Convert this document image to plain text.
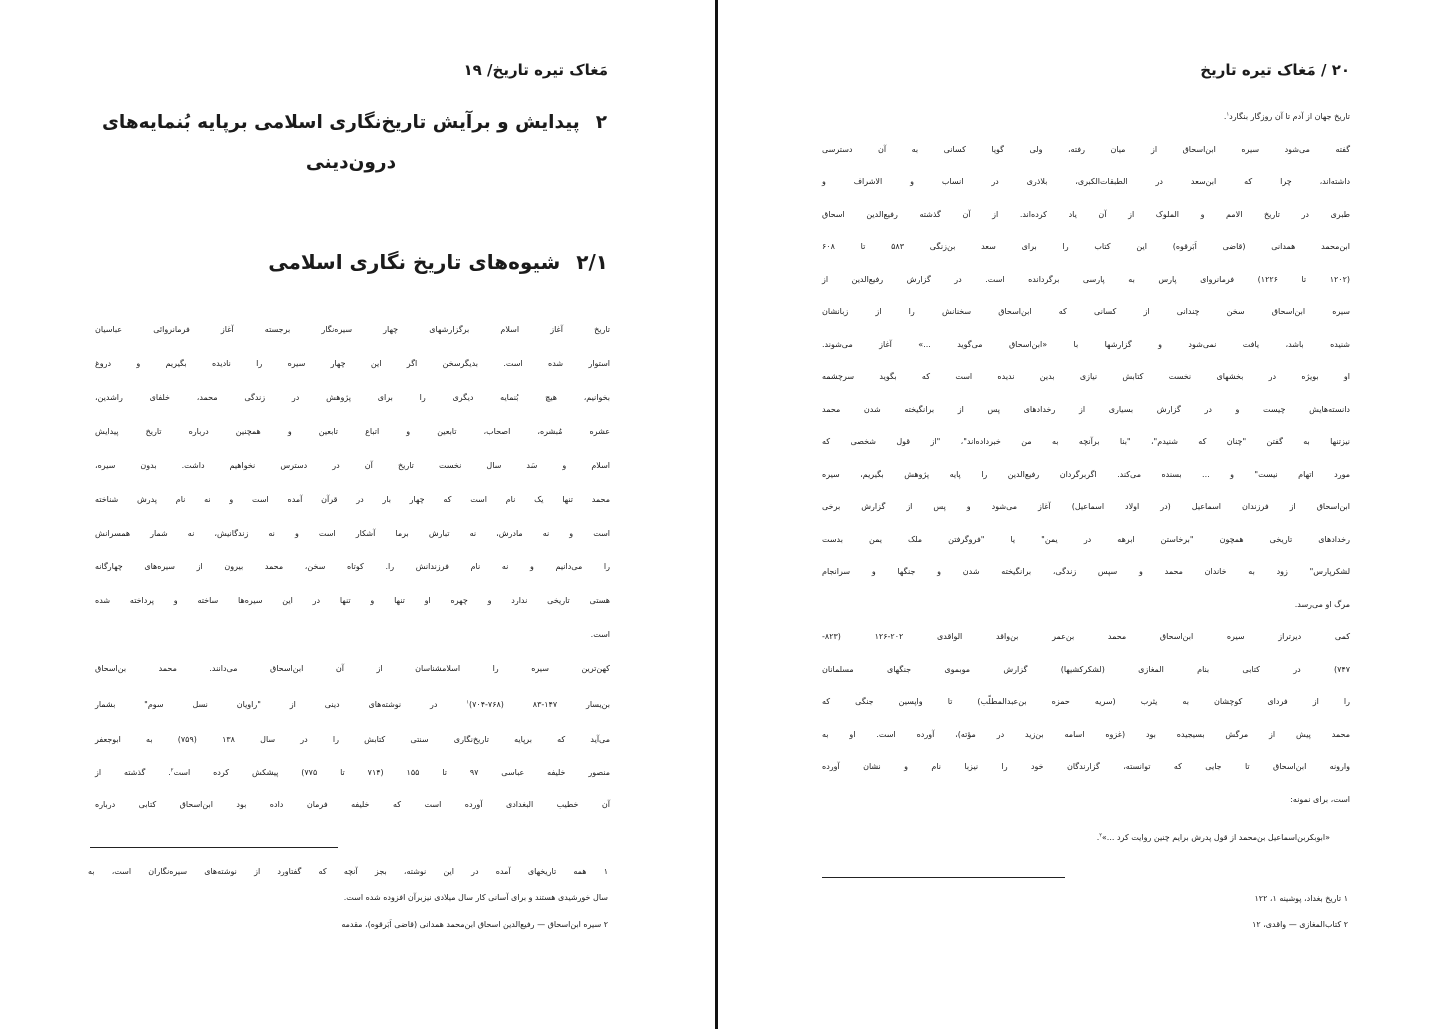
مَغاک تیره تاریخ/ ۱۹
۲پیدایش و برآیش تاریخ‌نگاری اسلامی برپایه بُنمایه‌های
درون‌دینی
۲/۱شیوه‌های تاریخ نگاری اسلامی
تاریخ آغاز اسلام برگزارشهای چهار سیره‌نگار برجسته آغاز فرمانروائی عباسیان
استوار شده است. بدیگرسخن اگر این چهار سیره را نادیده بگیریم و دروغ
بخوانیم، هیچ بُنمایه دیگری را برای پژوهش در زندگی محمد، خلفای راشدین،
عشره مُبشره، اصحاب، تابعین و اتباع تابعین و همچنین درباره تاریخ پیدایش
اسلام و سَد سال نخست تاریخ آن در دسترس نخواهیم داشت. بدون سیره،
محمد تنها یک نام است که چهار بار در قرآن آمده است و نه نام پدرش شناخته
است و نه مادرش، نه تبارش برما آشکار است و نه زندگانیش، نه شمار همسرانش
را می‌دانیم و نه نام فرزندانش را. کوتاه سخن، محمد بیرون از سیره‌های چهارگانه
هستی تاریخی ندارد و چهره او تنها و تنها در این سیره‌ها ساخته و پرداخته شده
است.
کهن‌ترین سیره را اسلامشناسان از آن ابن‌اسحاق می‌دانند. محمد بن‌اسحاق
بن‌یسار ۱۴۷-۸۳ (۷۶۸-۷۰۴)$^۱$ در نوشته‌های دینی از "راویان نسل سوم" بشمار
می‌آید که برپایه تاریخ‌نگاری سنتی کتابش را در سال ۱۳۸ (۷۵۹) به ابوجعفر
منصور خلیفه عباسی ۹۷ تا ۱۵۵ (۷۱۴ تا ۷۷۵) پیشکش کرده است$^۲$. گذشته از
آن خطیب البغدادی آورده است که خلیفه فرمان داده بود ابن‌اسحاق کتابی درباره
۱ همه تاریخهای آمده در این نوشته، بجز آنچه که گفتاورد از نوشته‌های سیره‌نگاران است، به
سال خورشیدی هستند و برای آسانی کار سال میلادی نیزبرآن افزوده شده است.
۲ سیره ابن‌اسحاق — رفیع‌الدین اسحاق ابن‌محمد همدانی (قاضی اَبَرقوه)، مقدمه
۲۰ / مَغاک تیره تاریخ
تاریخ جهان از آدم تا آن روزگار بنگارد$^۱$.
گفته می‌شود سیره ابن‌اسحاق از میان رفته، ولی گویا کسانی به آن دسترسی
داشته‌اند، چرا که ابن‌سعد در الطبقات‌الکبری، بلاذری در انساب و الاشراف و
طبری در تاریخ الامم و الملوک از آن یاد کرده‌اند. از آن گذشته رفیع‌الدین اسحاق
ابن‌محمد همدانی (قاضی اَبَرقوه) این کتاب را برای سعد بن‌زنگی ۵۸۳ تا ۶۰۸
(۱۲۰۲ تا ۱۲۲۶) فرمانروای پارس به پارسی برگردانده است. در گزارش رفیع‌الدین از
سیره ابن‌اسحاق سخن چندانی از کسانی که ابن‌اسحاق سخنانش را از زبانشان
شنیده باشد، یافت نمی‌شود و گزارشها با «ابن‌اسحاق می‌گوید ...» آغاز می‌شوند.
او بویژه در بخشهای نخست کتابش نیازی بدین ندیده است که بگوید سرچشمه
دانسته‌هایش چیست و در گزارش بسیاری از رخدادهای پس از برانگیخته شدن محمد
نیزتنها به گفتن "چنان که شنیدم"، "بنا برآنچه به من خبرداده‌اند"، "از قول شخصی که
مورد اتهام نیست" و ... بسنده می‌کند. اگربرگردان رفیع‌الدین را پایه پژوهش بگیریم، سیره
ابن‌اسحاق از فرزندان اسماعیل (در اولاد اسماعیل) آغاز می‌شود و پس از گزارش برخی
رخدادهای تاریخی همچون "برخاستن ابرهه در یمن" یا "فروگرفتن ملک یمن بدست
لشکرپارس" زود به خاندان محمد و سپس زندگی، برانگیخته شدن و جنگها و سرانجام
مرگ او می‌رسد.
کمی دیرتراز سیره ابن‌اسحاق محمد بن‌عمر بن‌واقد الواقدی ۲۰۲-۱۲۶ (۸۲۳-
۷۴۷) در کتابی بنام المغازی (لشکرکشیها) گزارش موبموی جنگهای مسلمانان
را از فردای کوچشان به یثرب (سریه حمزه بن‌عبدالمطلّب) تا واپسین جنگی که
محمد پیش از مرگش بسیجیده بود (غزوه اسامه بن‌زید در مؤته)، آورده است. او به
وارونه ابن‌اسحاق تا جایی که توانسته، گزارندگان خود را نیزبا نام و نشان آورده
است، برای نمونه:
«ابوبکربن‌اسماعیل بن‌محمد از قول پدرش برایم چنین روایت کرد ...»$^۲$.
۱ تاریخ بغداد، پوشینه ۱، ۱۲۲
۲ کتاب‌المغازی — واقدی، ۱۲
